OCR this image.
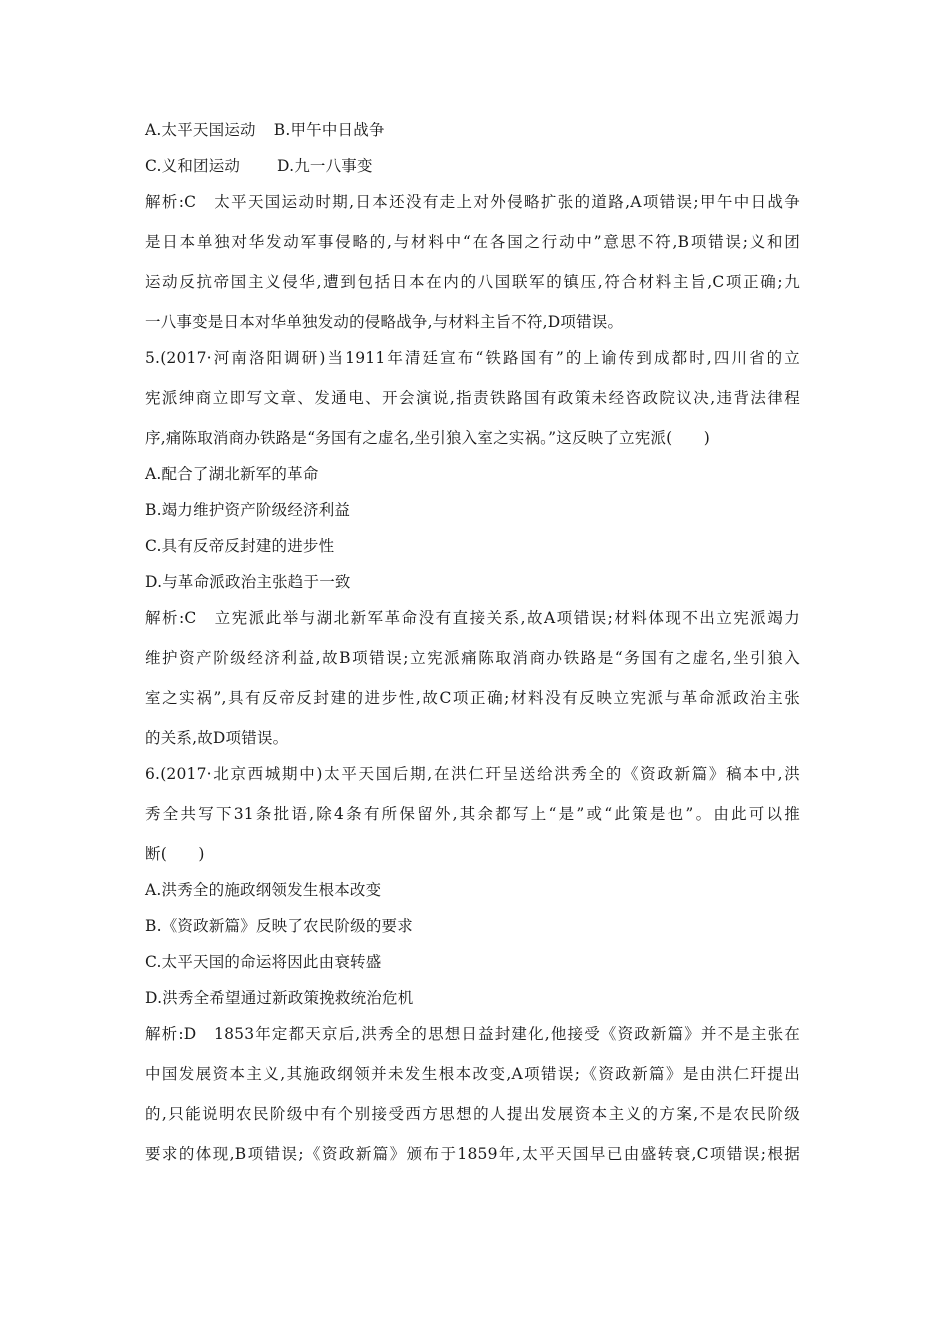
A.太平天国运动 B.甲午中日战争
C.义和团运动 D.九一八事变
解析:C　太平天国运动时期,日本还没有走上对外侵略扩张的道路,A项错误;甲午中日战争
是日本单独对华发动军事侵略的,与材料中“在各国之行动中”意思不符,B项错误;义和团
运动反抗帝国主义侵华,遭到包括日本在内的八国联军的镇压,符合材料主旨,C项正确;九
一八事变是日本对华单独发动的侵略战争,与材料主旨不符,D项错误。
5.(2017·河南洛阳调研)当1911年清廷宣布“铁路国有”的上谕传到成都时,四川省的立
宪派绅商立即写文章、发通电、开会演说,指责铁路国有政策未经咨政院议决,违背法律程
序,痛陈取消商办铁路是“务国有之虚名,坐引狼入室之实祸。”这反映了立宪派(　　)
A.配合了湖北新军的革命
B.竭力维护资产阶级经济利益
C.具有反帝反封建的进步性
D.与革命派政治主张趋于一致
解析:C　立宪派此举与湖北新军革命没有直接关系,故A项错误;材料体现不出立宪派竭力
维护资产阶级经济利益,故B项错误;立宪派痛陈取消商办铁路是“务国有之虚名,坐引狼入
室之实祸”,具有反帝反封建的进步性,故C项正确;材料没有反映立宪派与革命派政治主张
的关系,故D项错误。
6.(2017·北京西城期中)太平天国后期,在洪仁玕呈送给洪秀全的《资政新篇》稿本中,洪
秀全共写下31条批语,除4条有所保留外,其余都写上“是”或“此策是也”。由此可以推
断(　　)
A.洪秀全的施政纲领发生根本改变
B.《资政新篇》反映了农民阶级的要求
C.太平天国的命运将因此由衰转盛
D.洪秀全希望通过新政策挽救统治危机
解析:D　1853年定都天京后,洪秀全的思想日益封建化,他接受《资政新篇》并不是主张在
中国发展资本主义,其施政纲领并未发生根本改变,A项错误;《资政新篇》是由洪仁玕提出
的,只能说明农民阶级中有个别接受西方思想的人提出发展资本主义的方案,不是农民阶级
要求的体现,B项错误;《资政新篇》颁布于1859年,太平天国早已由盛转衰,C项错误;根据
